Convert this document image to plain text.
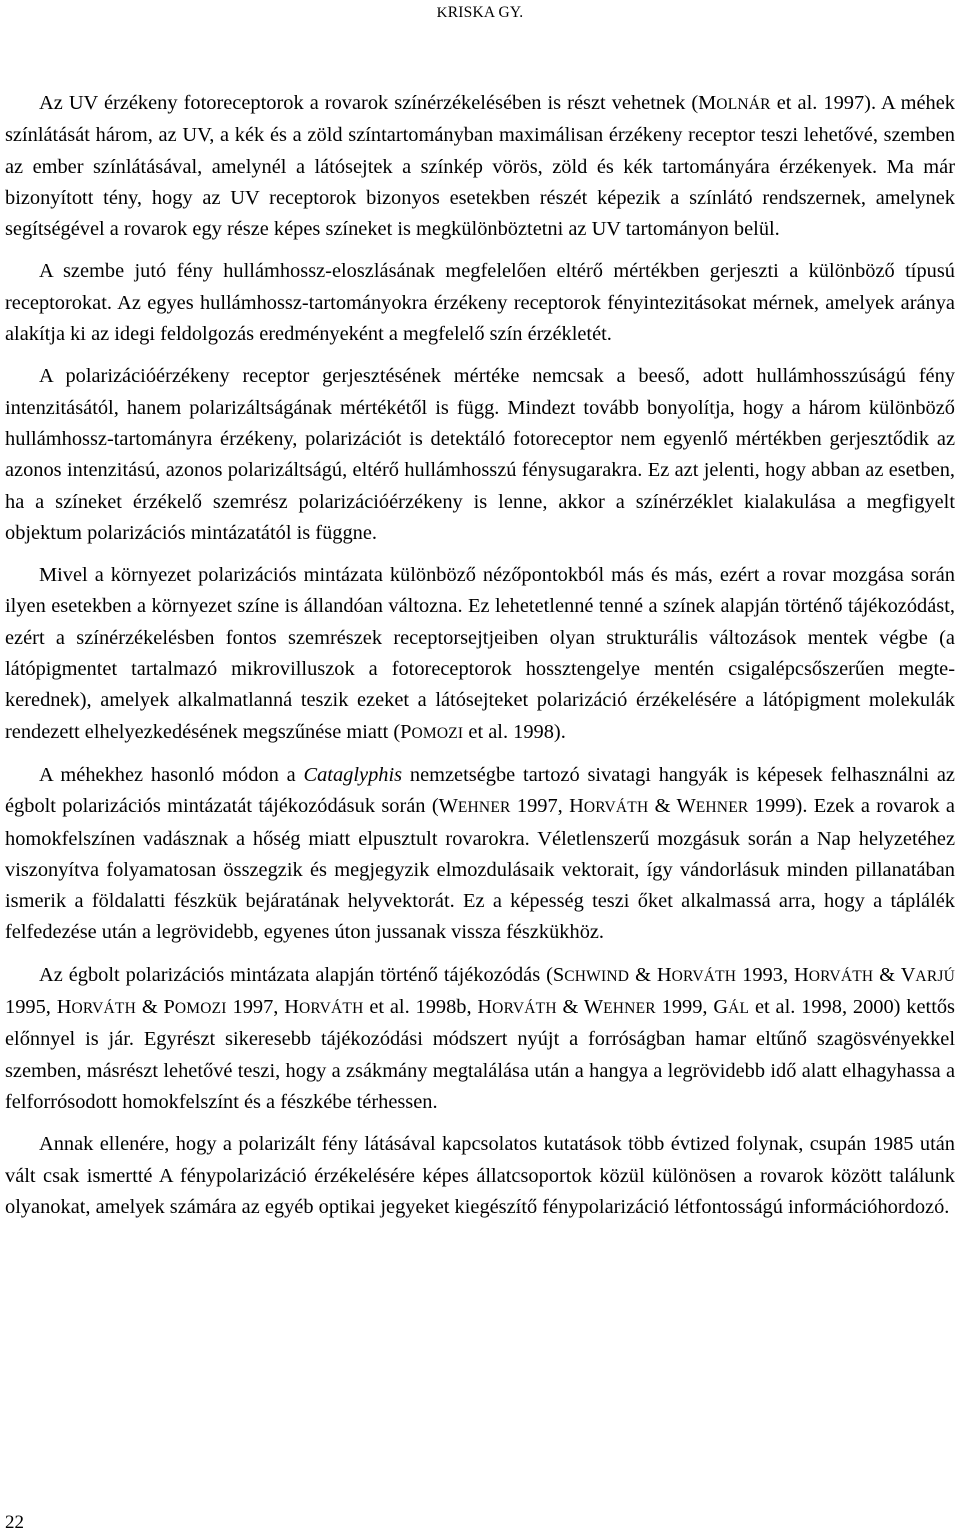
KRISKA GY.

Az UV érzékeny fotoreceptorok a rovarok színérzékelésében is részt vehetnek (MOLNÁR et al. 1997). A méhek színlátását három, az UV, a kék és a zöld színtartományban maximálisan érzékeny receptor teszi lehetővé, szemben az ember színlátásával, amelynél a látósejtek a színkép vörös, zöld és kék tartományára érzékenyek. Ma már bizonyított tény, hogy az UV receptorok bizonyos esetekben részét képezik a színlátó rendszernek, amelynek segítségével a rovarok egy része képes színeket is megkülönböztetni az UV tartományon belül.

A szembe jutó fény hullámhossz-eloszlásának megfelelően eltérő mértékben gerjeszti a különböző típusú receptorokat. Az egyes hullámhossz-tartományokra érzékeny receptorok fényintezitásokat mérnek, amelyek aránya alakítja ki az idegi feldolgozás eredményeként a megfelelő szín érzékletét.

A polarizációérzékeny receptor gerjesztésének mértéke nemcsak a beeső, adott hullámhosszúságú fény intenzitásától, hanem polarizáltságának mértékétől is függ. Mindezt tovább bonyolítja, hogy a három különböző hullámhossz-tartományra érzékeny, polarizációt is detektáló fotoreceptor nem egyenlő mértékben gerjesztődik az azonos intenzitású, azonos polarizáltságú, eltérő hullámhosszú fénysugarakra. Ez azt jelenti, hogy abban az esetben, ha a színeket érzékelő szemrész polarizációérzékeny is lenne, akkor a színérzéklet kialakulása a megfigyelt objektum polarizációs mintázatától is függne.

Mivel a környezet polarizációs mintázata különböző nézőpontokból más és más, ezért a rovar mozgása során ilyen esetekben a környezet színe is állandóan változna. Ez lehetetlenné tenné a színek alapján történő tájékozódást, ezért a színérzékelésben fontos szemrészek receptorsejtjeiben olyan strukturális változások mentek végbe (a látópigmentet tartalmazó mikrovilluszok a fotoreceptorok hossztengelye mentén csigalépcsőszerűen megtekerednek), amelyek alkalmatlanná teszik ezeket a látósejteket polarizáció érzékelésére a látópigment molekulák rendezett elhelyezkedésének megszűnése miatt (POMOZI et al. 1998).

A méhekhez hasonló módon a Cataglyphis nemzetségbe tartozó sivatagi hangyák is képesek felhasználni az égbolt polarizációs mintázatát tájékozódásuk során (WEHNER 1997, HORVÁTH & WEHNER 1999). Ezek a rovarok a homokfelszínen vadásznak a hőség miatt elpusztult rovarokra. Véletlenszerű mozgásuk során a Nap helyzetéhez viszonyítva folyamatosan összegzik és megjegyzik elmozdulásaik vektorait, így vándorlásuk minden pillanatában ismerik a földalatti fészkük bejáratának helyvektorát. Ez a képesség teszi őket alkalmassá arra, hogy a táplálék felfedezése után a legrövidebb, egyenes úton jussanak vissza fészkükhöz.

Az égbolt polarizációs mintázata alapján történő tájékozódás (SCHWIND & HORVÁTH 1993, HORVÁTH & VARJÚ 1995, HORVÁTH & POMOZI 1997, HORVÁTH et al. 1998b, HORVÁTH & WEHNER 1999, GÁL et al. 1998, 2000) kettős előnnyel is jár. Egyrészt sikeresebb tájékozódási módszert nyújt a forróságban hamar eltűnő szagösvényekkel szemben, másrészt lehetővé teszi, hogy a zsákmány megtalálása után a hangya a legrövidebb idő alatt elhagyhassa a felforrósodott homokfelszínt és a fészkébe térhessen.

Annak ellenére, hogy a polarizált fény látásával kapcsolatos kutatások több évtized folynak, csupán 1985 után vált csak ismertté A fénypolarizáció érzékelésére képes állatcsoportok közül különösen a rovarok között találunk olyanokat, amelyek számára az egyéb optikai jegyeket kiegészítő fénypolarizáció létfontosságú információhordozó.

22
